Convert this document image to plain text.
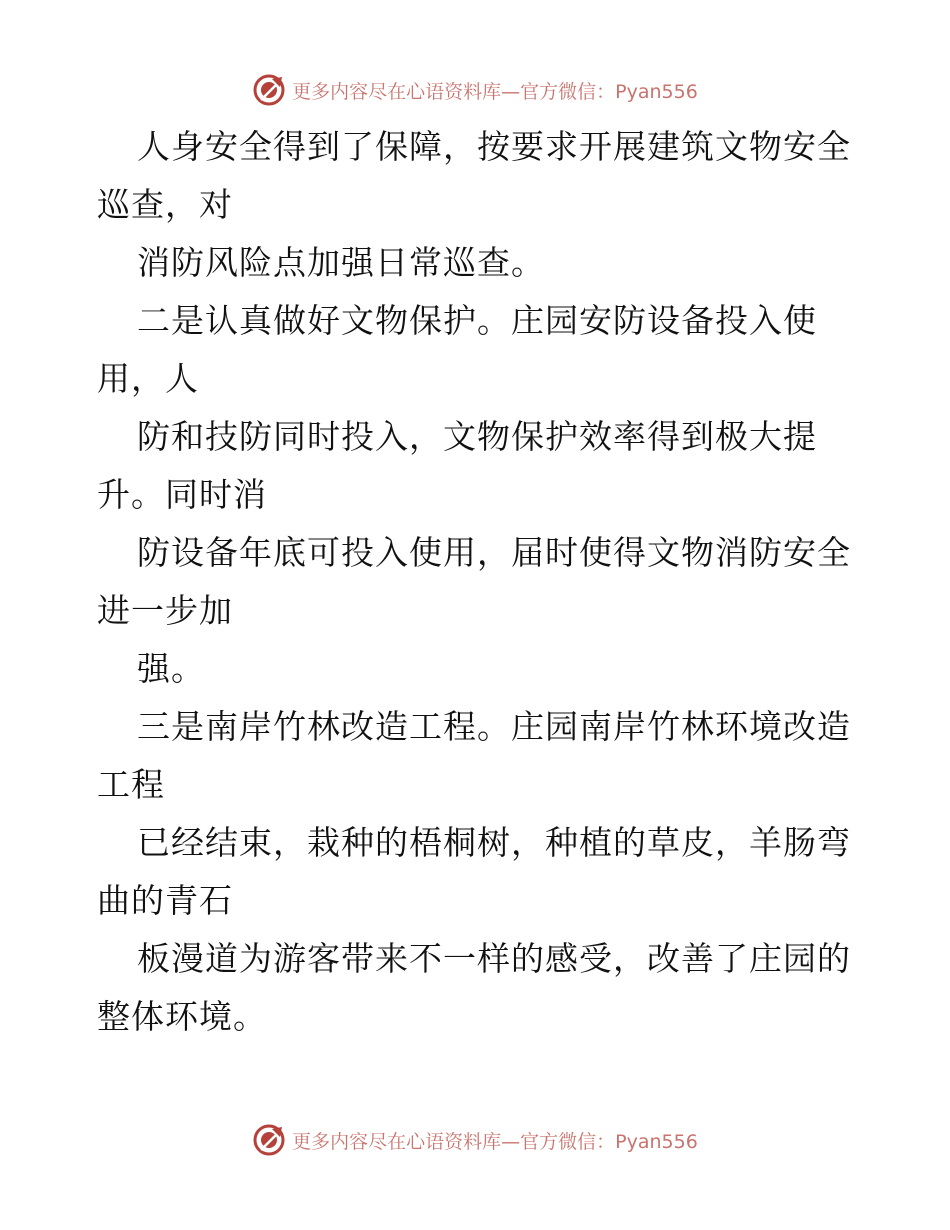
更多内容尽在心语资料库—官方微信：Pyan556
人身安全得到了保障，按要求开展建筑文物安全
巡查，对
消防风险点加强日常巡查。
二是认真做好文物保护。庄园安防设备投入使
用，人
防和技防同时投入，文物保护效率得到极大提
升。同时消
防设备年底可投入使用，届时使得文物消防安全
进一步加
强。
三是南岸竹林改造工程。庄园南岸竹林环境改造
工程
已经结束，栽种的梧桐树，种植的草皮，羊肠弯
曲的青石
板漫道为游客带来不一样的感受，改善了庄园的
整体环境。
更多内容尽在心语资料库—官方微信：Pyan556
